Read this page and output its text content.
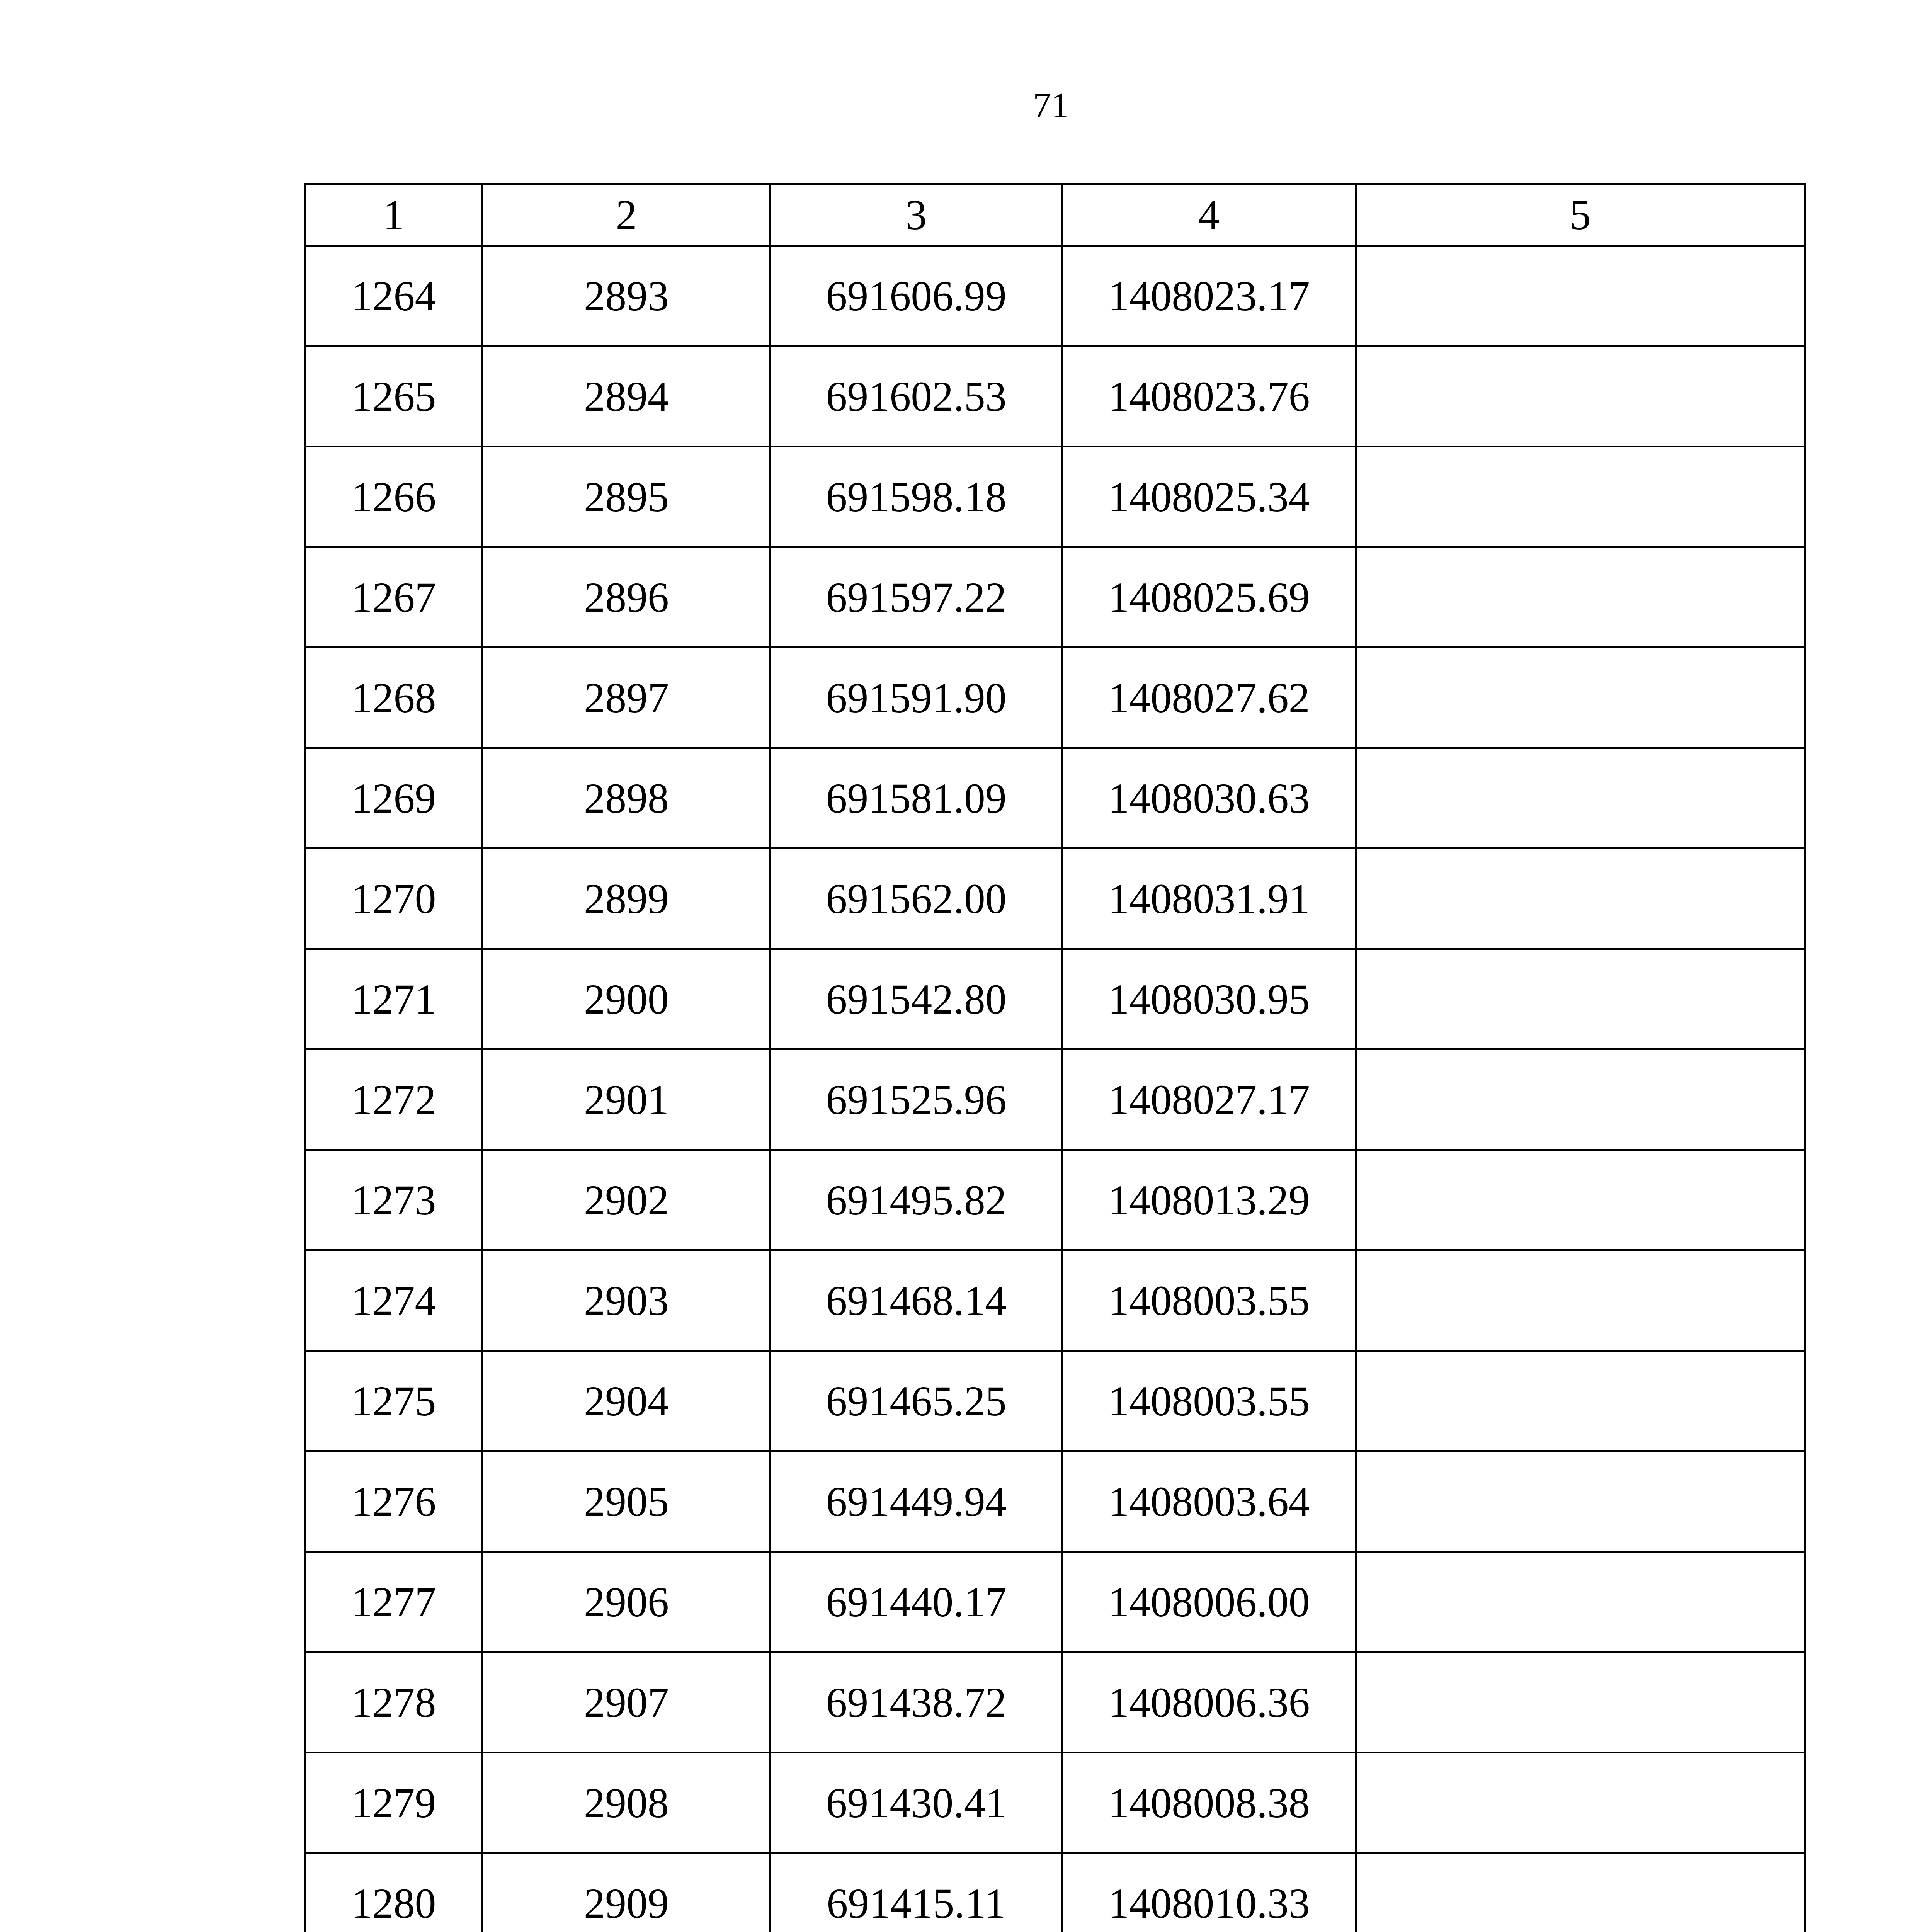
71
1	2	3	4	5
1264	2893	691606.99	1408023.17	
1265	2894	691602.53	1408023.76	
1266	2895	691598.18	1408025.34	
1267	2896	691597.22	1408025.69	
1268	2897	691591.90	1408027.62	
1269	2898	691581.09	1408030.63	
1270	2899	691562.00	1408031.91	
1271	2900	691542.80	1408030.95	
1272	2901	691525.96	1408027.17	
1273	2902	691495.82	1408013.29	
1274	2903	691468.14	1408003.55	
1275	2904	691465.25	1408003.55	
1276	2905	691449.94	1408003.64	
1277	2906	691440.17	1408006.00	
1278	2907	691438.72	1408006.36	
1279	2908	691430.41	1408008.38	
1280	2909	691415.11	1408010.33	
